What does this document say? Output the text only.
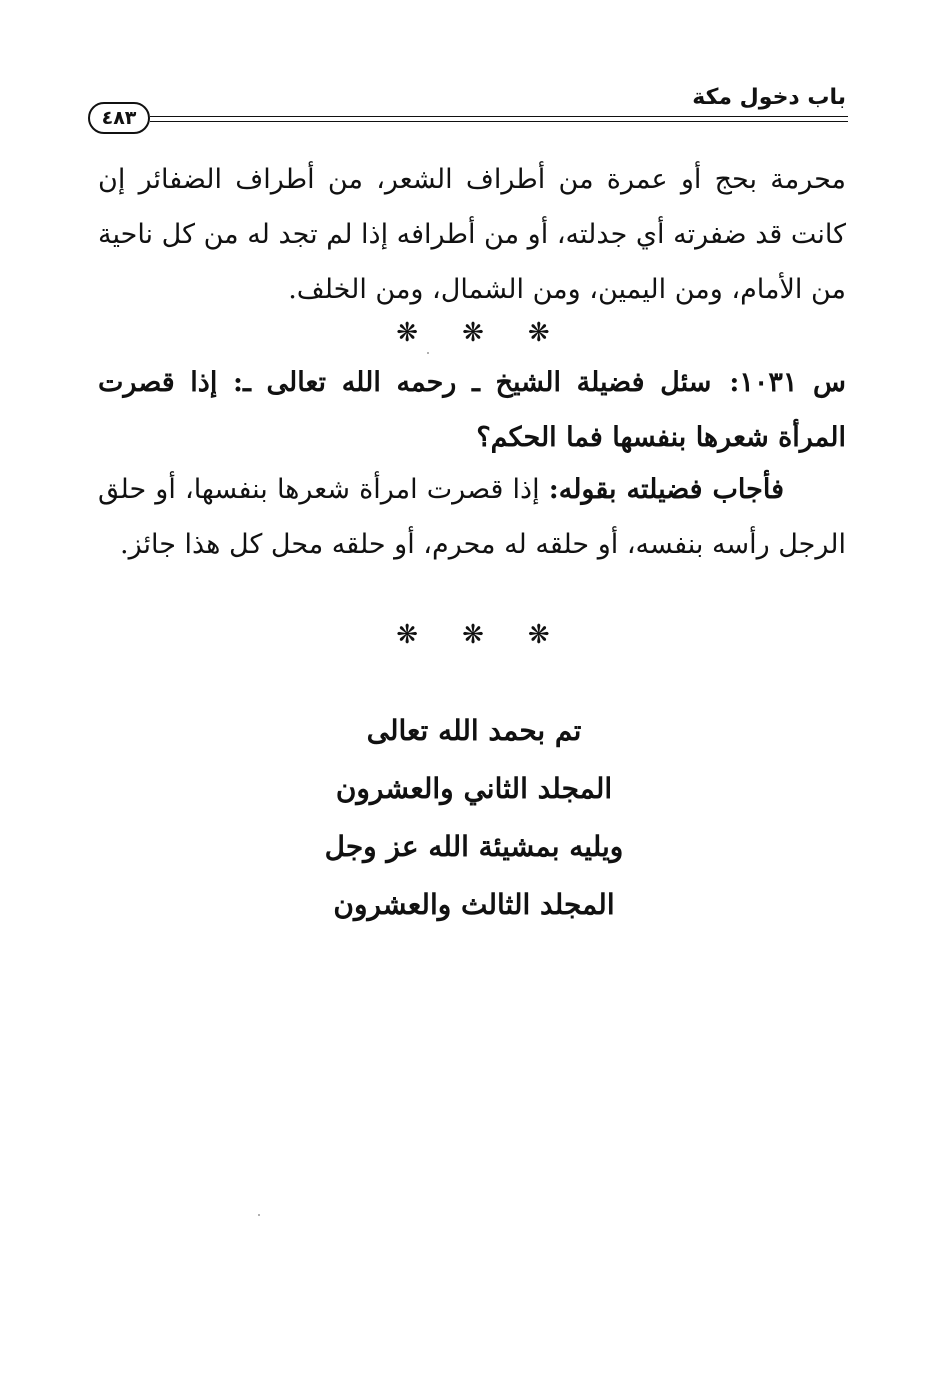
باب دخول مكة
٤٨٣

محرمة بحج أو عمرة من أطراف الشعر، من أطراف الضفائر إن كانت قد ضفرته أي جدلته، أو من أطرافه إذا لم تجد له من كل ناحية من الأمام، ومن اليمين، ومن الشمال، ومن الخلف.

❋ ❋ ❋

س ١٠٣١:سئل فضيلة الشيخ ـ رحمه الله تعالى ـ: إذا قصرت المرأة شعرها بنفسها فما الحكم؟

فأجاب فضيلته بقوله: إذا قصرت امرأة شعرها بنفسها، أو حلق الرجل رأسه بنفسه، أو حلقه له محرم، أو حلقه محل كل هذا جائز.

❋ ❋ ❋
تم بحمد الله تعالى
المجلد الثاني والعشرون
ويليه بمشيئة الله عز وجل
المجلد الثالث والعشرون
